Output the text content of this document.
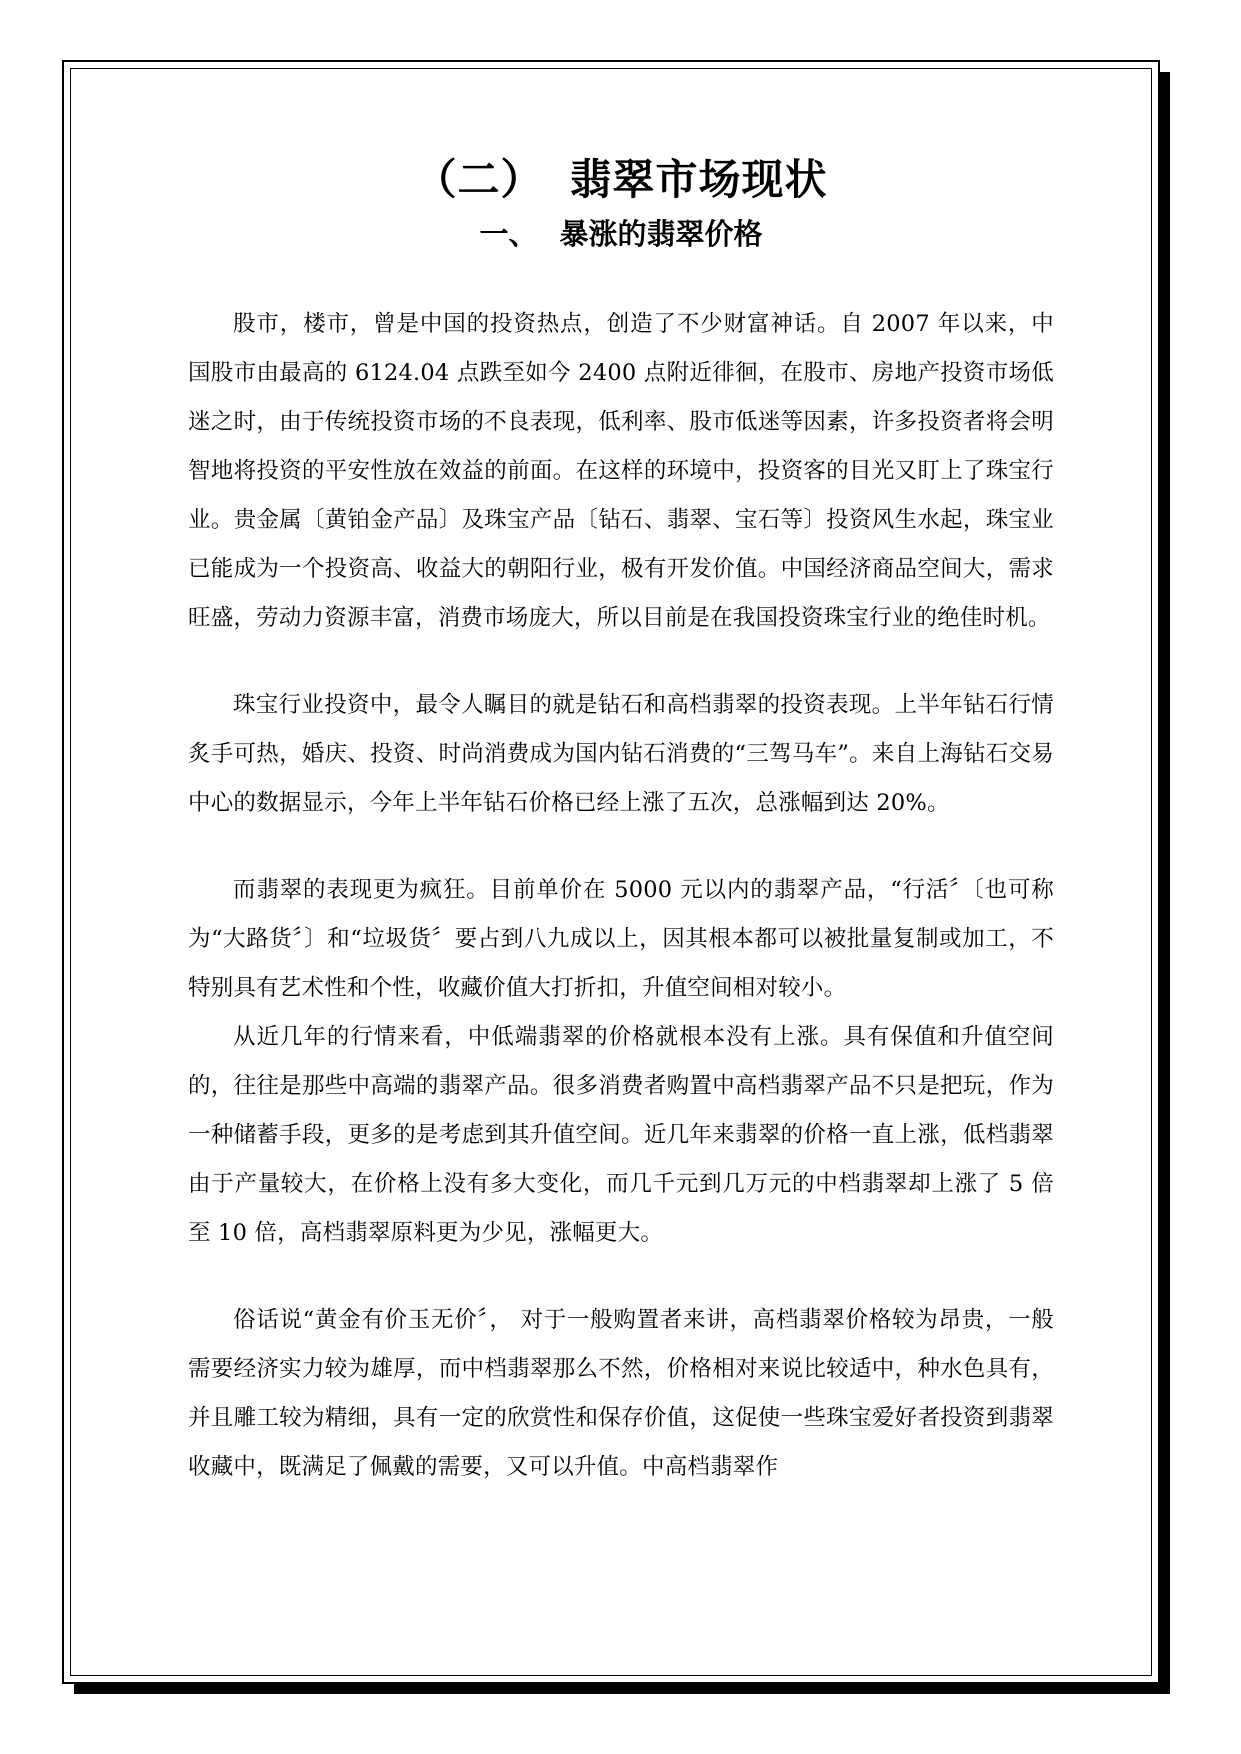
（二） 翡翠市场现状
一、 暴涨的翡翠价格

股市，楼市，曾是中国的投资热点，创造了不少财富神话。自 2007 年以来，中国股市由最高的 6124.04 点跌至如今 2400 点附近徘徊，在股市、房地产投资市场低迷之时，由于传统投资市场的不良表现，低利率、股市低迷等因素，许多投资者将会明智地将投资的平安性放在效益的前面。在这样的环境中，投资客的目光又盯上了珠宝行业。贵金属〔黄铂金产品〕及珠宝产品〔钻石、翡翠、宝石等〕投资风生水起，珠宝业已能成为一个投资高、收益大的朝阳行业，极有开发价值。中国经济商品空间大，需求旺盛，劳动力资源丰富，消费市场庞大，所以目前是在我国投资珠宝行业的绝佳时机。

珠宝行业投资中，最令人瞩目的就是钻石和高档翡翠的投资表现。上半年钻石行情炙手可热，婚庆、投资、时尚消费成为国内钻石消费的“三驾马车”。来自上海钻石交易中心的数据显示，今年上半年钻石价格已经上涨了五次，总涨幅到达 20%。

而翡翠的表现更为疯狂。目前单价在 5000 元以内的翡翠产品，“行活〞〔也可称为“大路货〞〕和“垃圾货〞要占到八九成以上，因其根本都可以被批量复制或加工，不特别具有艺术性和个性，收藏价值大打折扣，升值空间相对较小。

从近几年的行情来看，中低端翡翠的价格就根本没有上涨。具有保值和升值空间的，往往是那些中高端的翡翠产品。很多消费者购置中高档翡翠产品不只是把玩，作为一种储蓄手段，更多的是考虑到其升值空间。近几年来翡翠的价格一直上涨，低档翡翠由于产量较大，在价格上没有多大变化，而几千元到几万元的中档翡翠却上涨了 5 倍至 10 倍，高档翡翠原料更为少见，涨幅更大。

俗话说“黄金有价玉无价〞， 对于一般购置者来讲，高档翡翠价格较为昂贵，一般需要经济实力较为雄厚，而中档翡翠那么不然，价格相对来说比较适中，种水色具有，并且雕工较为精细，具有一定的欣赏性和保存价值，这促使一些珠宝爱好者投资到翡翠收藏中，既满足了佩戴的需要，又可以升值。中高档翡翠作
